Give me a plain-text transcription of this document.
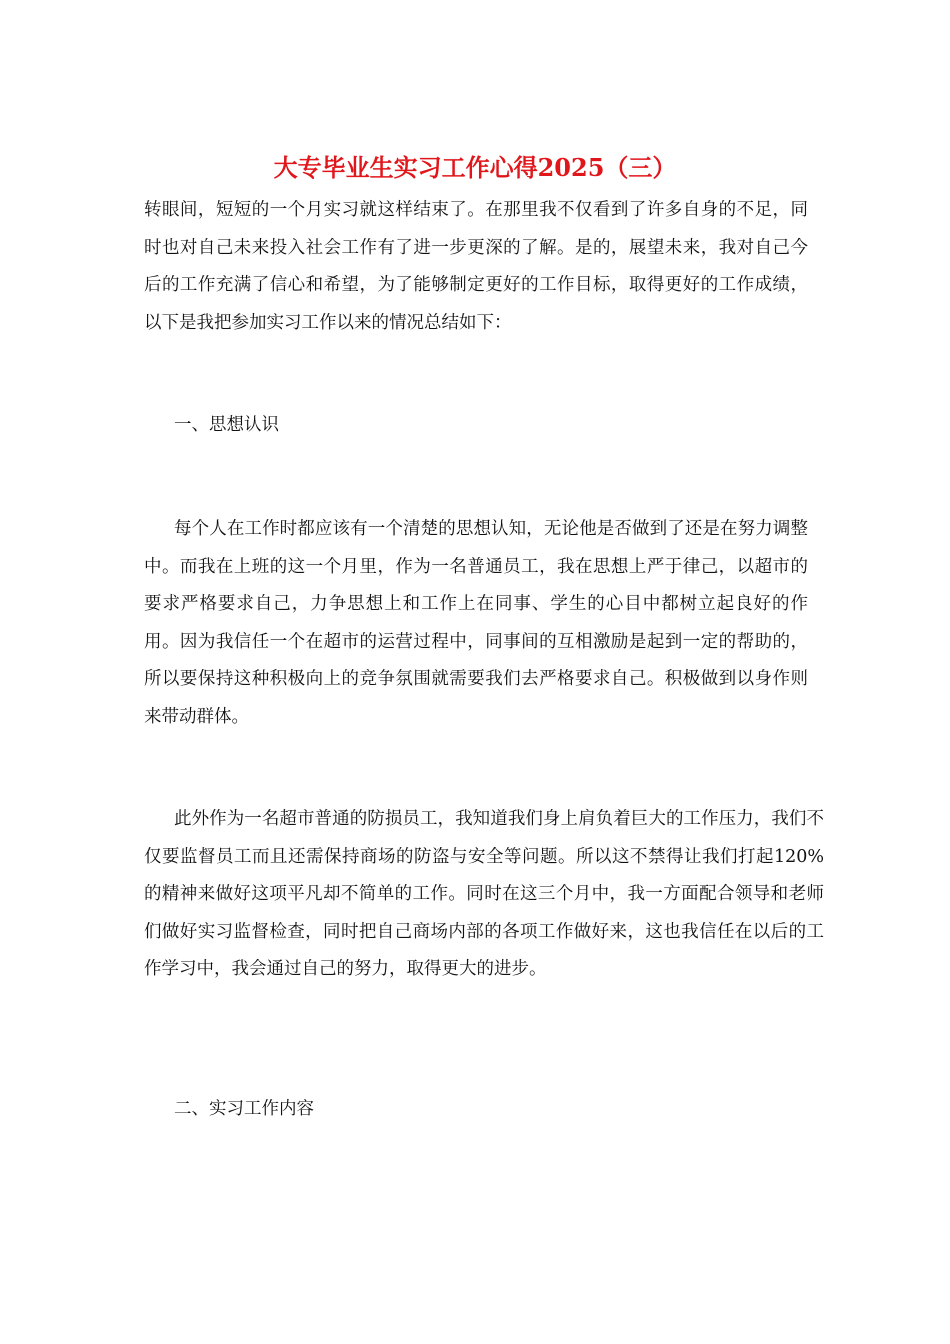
大专毕业生实习工作心得2025（三）

转眼间，短短的一个月实习就这样结束了。在那里我不仅看到了许多自身的不足，同时也对自己未来投入社会工作有了进一步更深的了解。是的，展望未来，我对自己今后的工作充满了信心和希望，为了能够制定更好的工作目标，取得更好的工作成绩，以下是我把参加实习工作以来的情况总结如下：

一、思想认识

每个人在工作时都应该有一个清楚的思想认知，无论他是否做到了还是在努力调整中。而我在上班的这一个月里，作为一名普通员工，我在思想上严于律己，以超市的要求严格要求自己，力争思想上和工作上在同事、学生的心目中都树立起良好的作用。因为我信任一个在超市的运营过程中，同事间的互相激励是起到一定的帮助的，所以要保持这种积极向上的竞争氛围就需要我们去严格要求自己。积极做到以身作则来带动群体。

此外作为一名超市普通的防损员工，我知道我们身上肩负着巨大的工作压力，我们不仅要监督员工而且还需保持商场的防盗与安全等问题。所以这不禁得让我们打起120%的精神来做好这项平凡却不简单的工作。同时在这三个月中，我一方面配合领导和老师们做好实习监督检查，同时把自己商场内部的各项工作做好来，这也我信任在以后的工作学习中，我会通过自己的努力，取得更大的进步。

二、实习工作内容
